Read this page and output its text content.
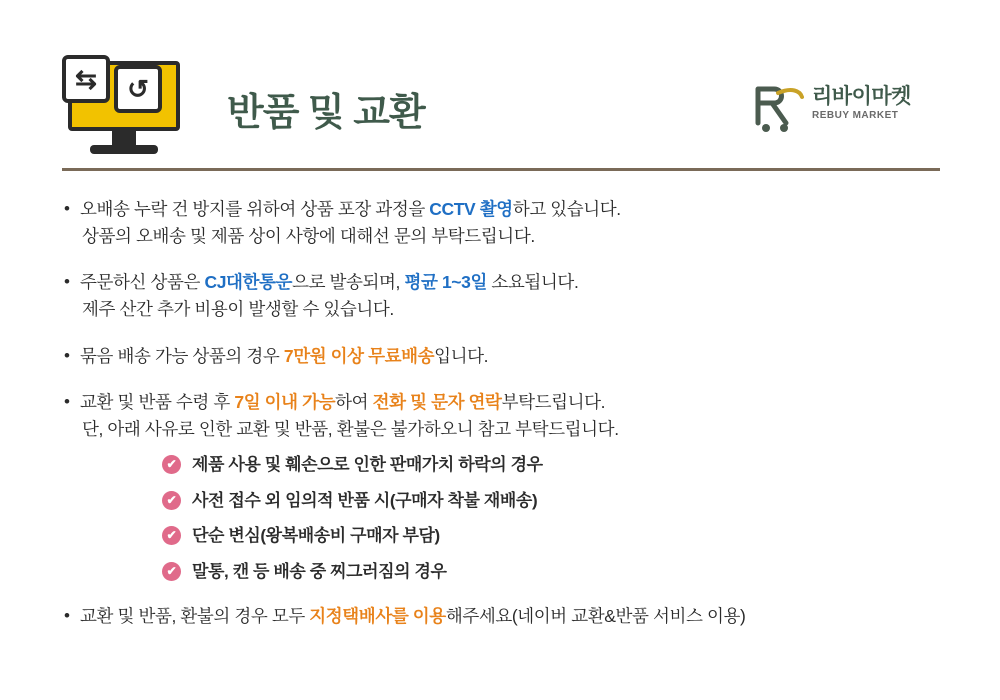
⇆	↺
반품 및 교환	리바이마켓
REBUY MARKET
• 오배송 누락 건 방지를 위하여 상품 포장 과정을 CCTV 촬영하고 있습니다.
상품의 오배송 및 제품 상이 사항에 대해선 문의 부탁드립니다.
• 주문하신 상품은 CJ대한통운으로 발송되며, 평균 1~3일 소요됩니다.
제주 산간 추가 비용이 발생할 수 있습니다.
• 묶음 배송 가능 상품의 경우 7만원 이상 무료배송입니다.
• 교환 및 반품 수령 후 7일 이내 가능하여 전화 및 문자 연락부탁드립니다.
단, 아래 사유로 인한 교환 및 반품, 환불은 불가하오니 참고 부탁드립니다.
✔ 제품 사용 및 훼손으로 인한 판매가치 하락의 경우
✔ 사전 접수 외 임의적 반품 시(구매자 착불 재배송)
✔ 단순 변심(왕복배송비 구매자 부담)
✔ 말통, 캔 등 배송 중 찌그러짐의 경우
• 교환 및 반품, 환불의 경우 모두 지정택배사를 이용해주세요(네이버 교환&반품 서비스 이용)
